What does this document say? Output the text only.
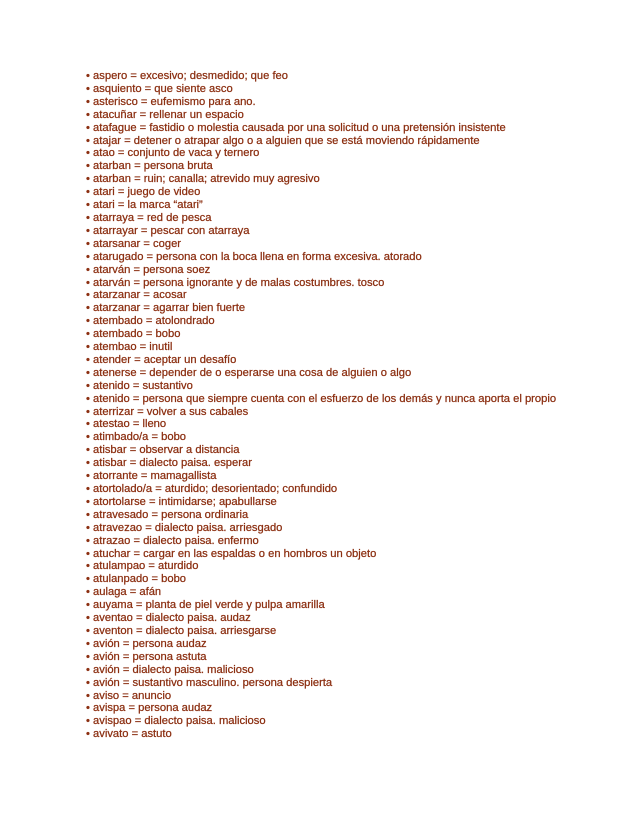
• aspero = excesivo; desmedido; que feo
• asquiento = que siente asco
• asterisco = eufemismo para ano.
• atacuñar = rellenar un espacio
• atafague = fastidio o molestia causada por una solicitud o una pretensión insistente
• atajar = detener o atrapar algo o a alguien que se está moviendo rápidamente
• atao = conjunto de vaca y ternero
• atarban = persona bruta
• atarban = ruin; canalla; atrevido muy agresivo
• atari = juego de video
• atari = la marca “atari”
• atarraya = red de pesca
• atarrayar = pescar con atarraya
• atarsanar = coger
• atarugado = persona con la boca llena en forma excesiva. atorado
• atarván = persona soez
• atarván = persona ignorante y de malas costumbres. tosco
• atarzanar = acosar
• atarzanar = agarrar bien fuerte
• atembado = atolondrado
• atembado = bobo
• atembao = inutil
• atender = aceptar un desafío
• atenerse = depender de o esperarse una cosa de alguien o algo
• atenido = sustantivo
• atenido = persona que siempre cuenta con el esfuerzo de los demás y nunca aporta el propio
• aterrizar = volver a sus cabales
• atestao = lleno
• atimbado/a = bobo
• atisbar = observar a distancia
• atisbar = dialecto paisa. esperar
• atorrante = mamagallista
• atortolado/a = aturdido; desorientado; confundido
• atortolarse = intimidarse; apabullarse
• atravesado = persona ordinaria
• atravezao = dialecto paisa. arriesgado
• atrazao = dialecto paisa. enfermo
• atuchar = cargar en las espaldas o en hombros un objeto
• atulampao = aturdido
• atulanpado = bobo
• aulaga = afán
• auyama = planta de piel verde y pulpa amarilla
• aventao = dialecto paisa. audaz
• aventon = dialecto paisa. arriesgarse
• avión = persona audaz
• avión = persona astuta
• avión = dialecto paisa. malicioso
• avión = sustantivo masculino. persona despierta
• aviso = anuncio
• avispa = persona audaz
• avispao = dialecto paisa. malicioso
• avivato = astuto
